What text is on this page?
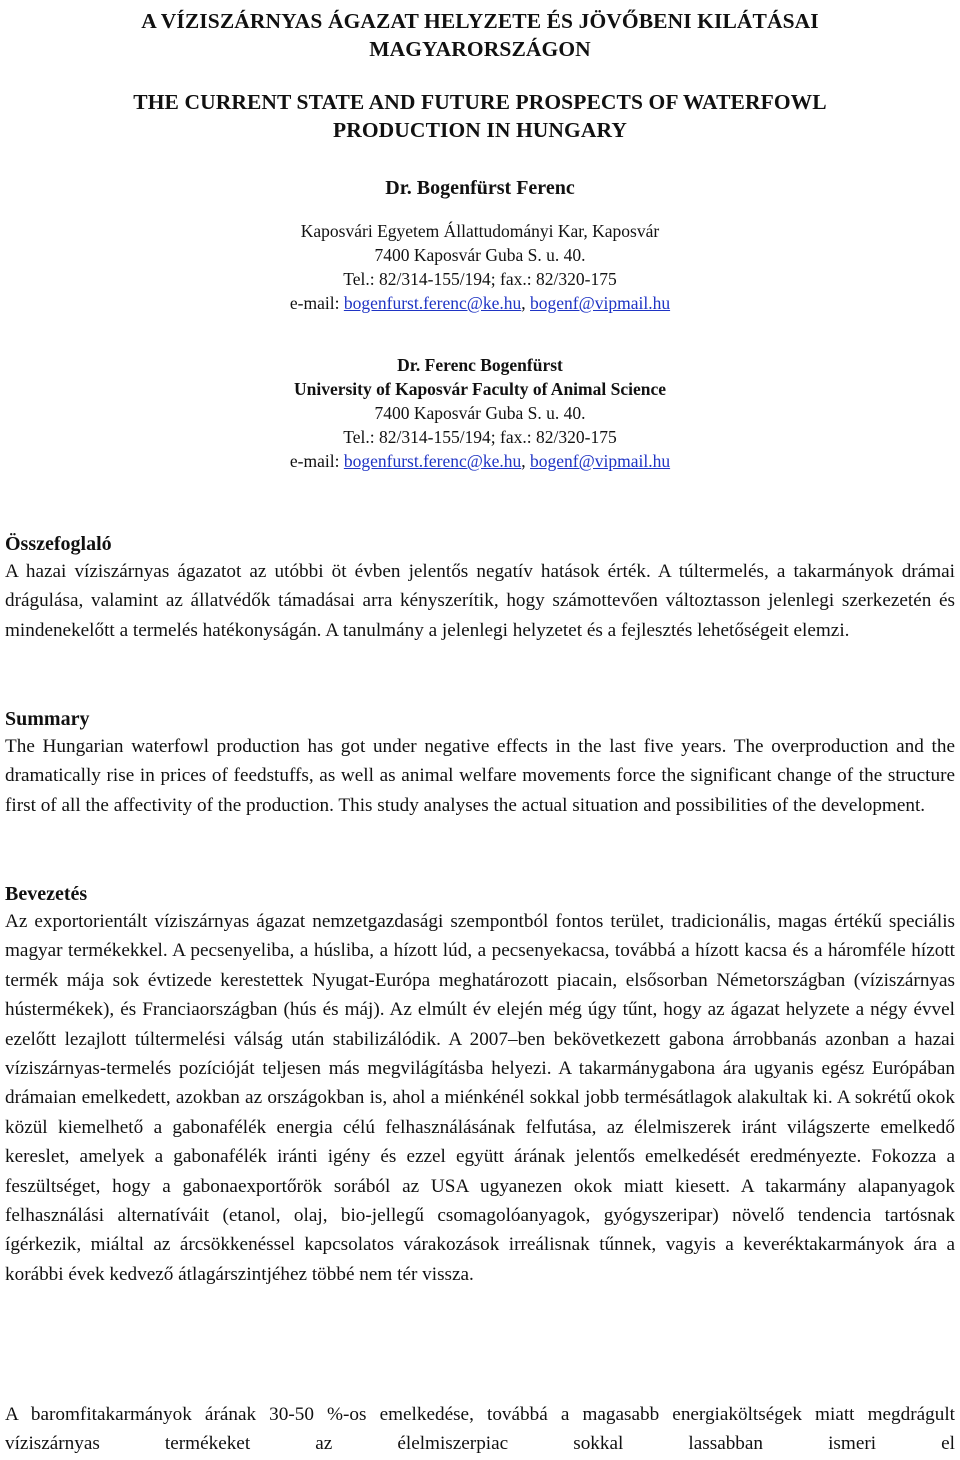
A VÍZISZÁRNYAS ÁGAZAT HELYZETE ÉS JÖVŐBENI KILÁTÁSAI
MAGYARORSZÁGON
THE CURRENT STATE AND FUTURE PROSPECTS OF WATERFOWL
PRODUCTION IN HUNGARY
Dr. Bogenfürst Ferenc
Kaposvári Egyetem Állattudományi Kar, Kaposvár
7400 Kaposvár Guba S. u. 40.
Tel.: 82/314-155/194; fax.: 82/320-175
e-mail: bogenfurst.ferenc@ke.hu, bogenf@vipmail.hu
Dr. Ferenc Bogenfürst
University of Kaposvár Faculty of Animal Science
7400 Kaposvár Guba S. u. 40.
Tel.: 82/314-155/194; fax.: 82/320-175
e-mail: bogenfurst.ferenc@ke.hu, bogenf@vipmail.hu
Összefoglaló
A hazai víziszárnyas ágazatot az utóbbi öt évben jelentős negatív hatások érték. A túltermelés, a takarmányok drámai drágulása, valamint az állatvédők támadásai arra kényszerítik, hogy számottevően változtasson jelenlegi szerkezetén és mindenekelőtt a termelés hatékonyságán. A tanulmány a jelenlegi helyzetet és a fejlesztés lehetőségeit elemzi.
Summary
The Hungarian waterfowl production has got under negative effects in the last five years. The overproduction and the dramatically rise in prices of feedstuffs, as well as animal welfare movements force the significant change of the structure first of all the affectivity of the production. This study analyses the actual situation and possibilities of the development.
Bevezetés
Az exportorientált víziszárnyas ágazat nemzetgazdasági szempontból fontos terület, tradicionális, magas értékű speciális magyar termékekkel. A pecsenyeliba, a húsliba, a hízott lúd, a pecsenyekacsa, továbbá a hízott kacsa és a háromféle hízott termék mája sok évtizede kerestettek Nyugat-Európa meghatározott piacain, elsősorban Németországban (víziszárnyas hústermékek), és Franciaországban (hús és máj). Az elmúlt év elején még úgy tűnt, hogy az ágazat helyzete a négy évvel ezelőtt lezajlott túltermelési válság után stabilizálódik. A 2007–ben bekövetkezett gabona árrobbanás azonban a hazai víziszárnyas-termelés pozícióját teljesen más megvilágításba helyezi. A takarmánygabona ára ugyanis egész Európában drámaian emelkedett, azokban az országokban is, ahol a miénkénél sokkal jobb termésátlagok alakultak ki. A sokrétű okok közül kiemelhető a gabonafélék energia célú felhasználásának felfutása, az élelmiszerek iránt világszerte emelkedő kereslet, amelyek a gabonafélék iránti igény és ezzel együtt árának jelentős emelkedését eredményezte. Fokozza a feszültséget, hogy a gabonaexportőrök sorából az USA ugyanezen okok miatt kiesett. A takarmány alapanyagok felhasználási alternatíváit (etanol, olaj, bio-jellegű csomagolóanyagok, gyógyszeripar) növelő tendencia tartósnak ígérkezik, miáltal az árcsökkenéssel kapcsolatos várakozások irreálisnak tűnnek, vagyis a keveréktakarmányok ára a korábbi évek kedvező átlagárszintjéhez többé nem tér vissza.
A baromfitakarmányok árának 30-50 %-os emelkedése, továbbá a magasabb energiaköltségek miatt megdrágult víziszárnyas termékeket az élelmiszerpiac sokkal lassabban ismeri el
